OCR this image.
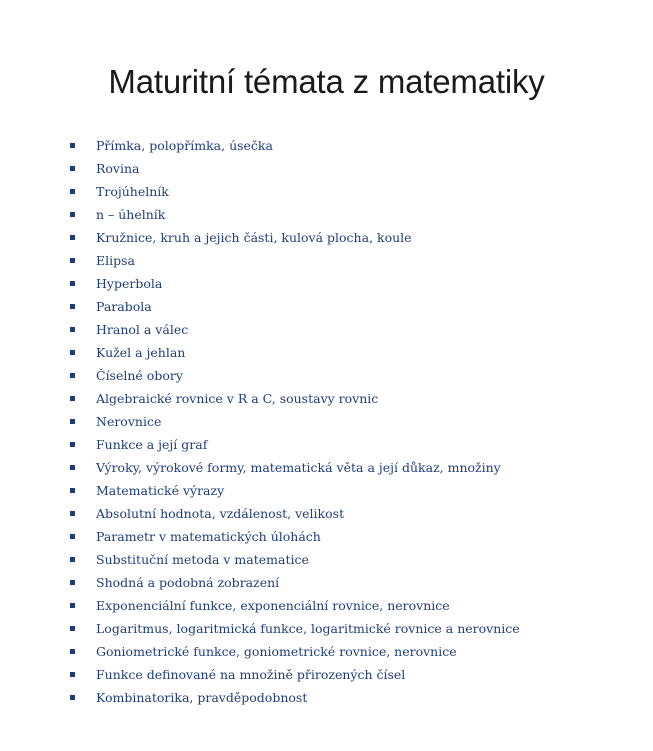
Maturitní témata z matematiky
Přímka, polopřímka, úsečka
Rovina
Trojúhelník
n – úhelník
Kružnice, kruh a jejich části, kulová plocha, koule
Elipsa
Hyperbola
Parabola
Hranol a válec
Kužel a jehlan
Číselné obory
Algebraické rovnice v R a C, soustavy rovnic
Nerovnice
Funkce a její graf
Výroky, výrokové formy, matematická věta a její důkaz, množiny
Matematické výrazy
Absolutní hodnota, vzdálenost, velikost
Parametr v matematických úlohách
Substituční metoda v matematice
Shodná a podobná zobrazení
Exponenciální funkce, exponenciální rovnice, nerovnice
Logaritmus, logaritmická funkce, logaritmické rovnice a nerovnice
Goniometrické funkce, goniometrické rovnice, nerovnice
Funkce definované na množině přirozených čísel
Kombinatorika, pravděpodobnost
